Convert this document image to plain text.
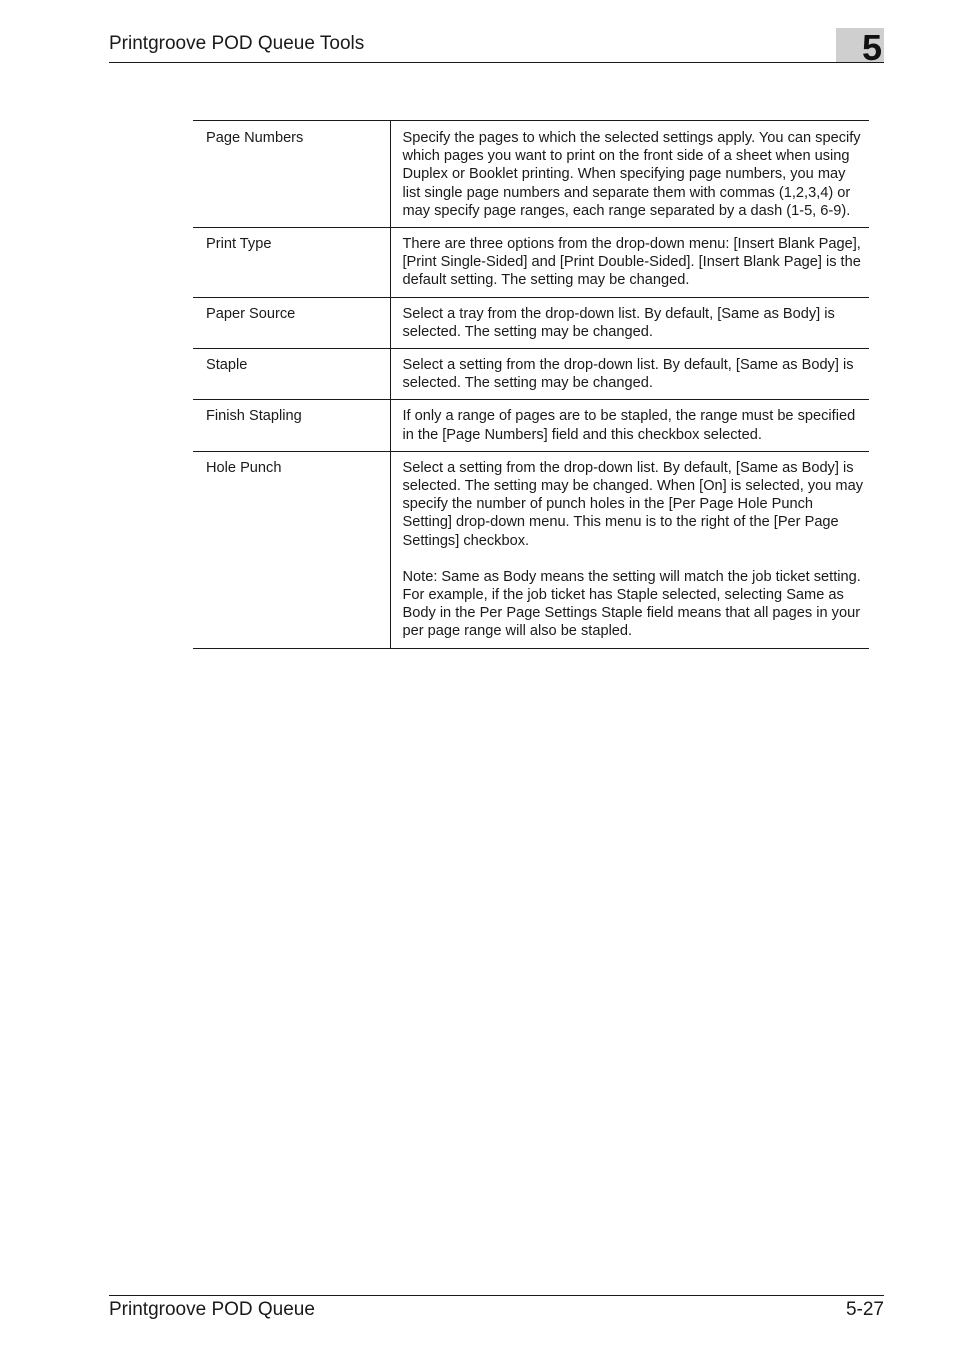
Printgroove POD Queue Tools	5
Page Numbers	Specify the pages to which the selected settings apply. You can specify which pages you want to print on the front side of a sheet when using Duplex or Booklet printing. When specifying page numbers, you may list single page numbers and separate them with commas (1,2,3,4) or may specify page ranges, each range separated by a dash (1-5, 6-9).

Print Type	There are three options from the drop-down menu: [Insert Blank Page], [Print Single-Sided] and [Print Double-Sided]. [Insert Blank Page] is the default setting. The setting may be changed.

Paper Source	Select a tray from the drop-down list. By default, [Same as Body] is selected. The setting may be changed.

Staple	Select a setting from the drop-down list. By default, [Same as Body] is selected. The setting may be changed.

Finish Stapling	If only a range of pages are to be stapled, the range must be specified in the [Page Numbers] field and this checkbox selected.

Hole Punch	Select a setting from the drop-down list. By default, [Same as Body] is selected. The setting may be changed. When [On] is selected, you may specify the number of punch holes in the [Per Page Hole Punch Setting] drop-down menu. This menu is to the right of the [Per Page Settings] checkbox.
Note: Same as Body means the setting will match the job ticket setting. For example, if the job ticket has Staple selected, selecting Same as Body in the Per Page Settings Staple field means that all pages in your per page range will also be stapled.
Printgroove POD Queue	5-27
